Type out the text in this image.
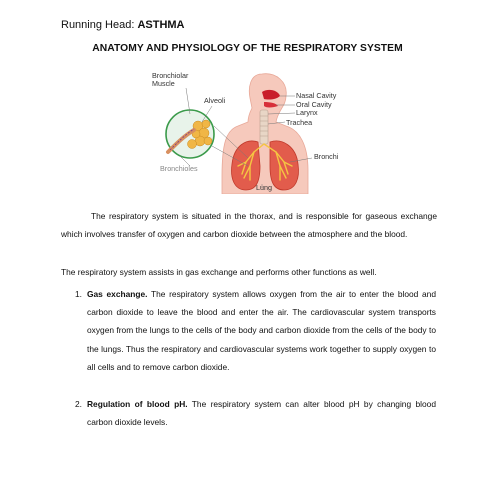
Running Head: ASTHMA
ANATOMY AND PHYSIOLOGY OF THE RESPIRATORY SYSTEM
Bronchiolar
Muscle
Alveoli
Bronchioles
Nasal Cavity
Oral Cavity
Larynx
Trachea
Bronchi
Lung
The respiratory system is situated in the thorax, and is responsible for gaseous exchange which involves transfer of oxygen and carbon dioxide between the atmosphere and the blood.
The respiratory system assists in gas exchange and performs other functions as well.
1. Gas exchange. The respiratory system allows oxygen from the air to enter the blood and carbon dioxide to leave the blood and enter the air. The cardiovascular system transports oxygen from the lungs to the cells of the body and carbon dioxide from the cells of the body to the lungs. Thus the respiratory and cardiovascular systems work together to supply oxygen to all cells and to remove carbon dioxide.
2. Regulation of blood pH. The respiratory system can alter blood pH by changing blood carbon dioxide levels.
